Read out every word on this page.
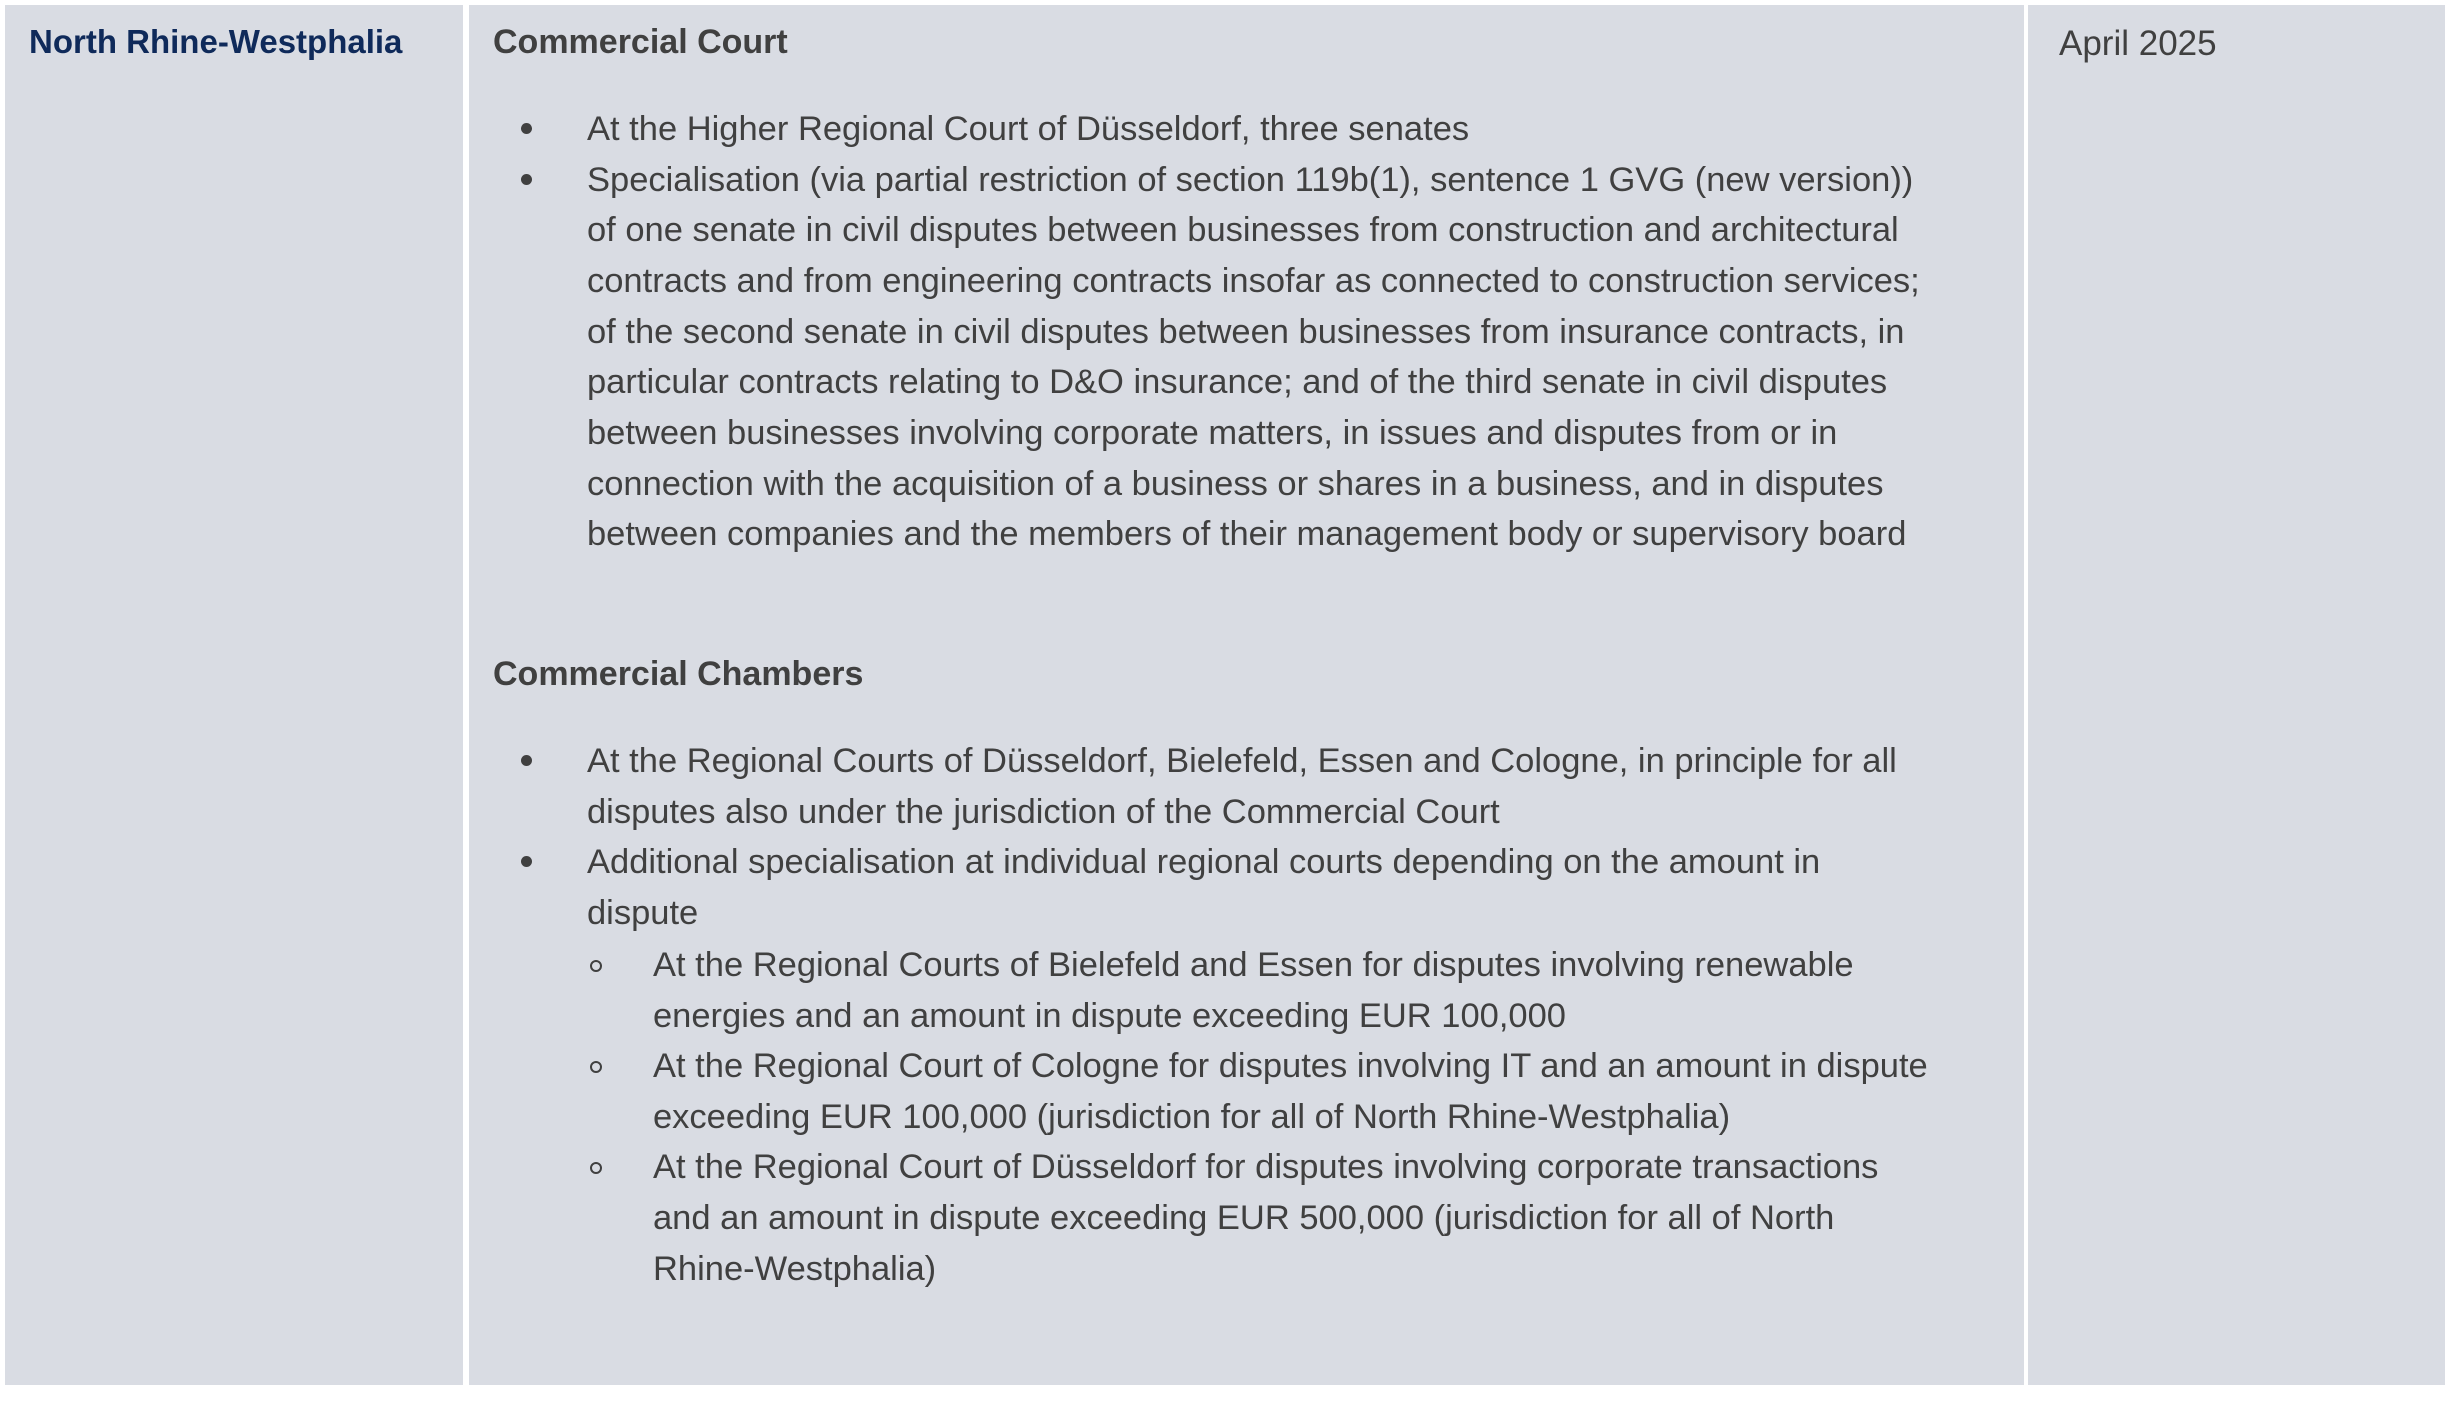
North Rhine-Westphalia	Commercial Court

At the Higher Regional Court of Düsseldorf, three senates
Specialisation (via partial restriction of section 119b(1), sentence 1 GVG (new version))
of one senate in civil disputes between businesses from construction and architectural
contracts and from engineering contracts insofar as connected to construction services;
of the second senate in civil disputes between businesses from insurance contracts, in
particular contracts relating to D&O insurance; and of the third senate in civil disputes
between businesses involving corporate matters, in issues and disputes from or in
connection with the acquisition of a business or shares in a business, and in disputes
between companies and the members of their management body or supervisory board

Commercial Chambers

At the Regional Courts of Düsseldorf, Bielefeld, Essen and Cologne, in principle for all
disputes also under the jurisdiction of the Commercial Court
Additional specialisation at individual regional courts depending on the amount in
dispute
At the Regional Courts of Bielefeld and Essen for disputes involving renewable
energies and an amount in dispute exceeding EUR 100,000
At the Regional Court of Cologne for disputes involving IT and an amount in dispute
exceeding EUR 100,000 (jurisdiction for all of North Rhine-Westphalia)
At the Regional Court of Düsseldorf for disputes involving corporate transactions
and an amount in dispute exceeding EUR 500,000 (jurisdiction for all of North
Rhine-Westphalia)

April 2025
